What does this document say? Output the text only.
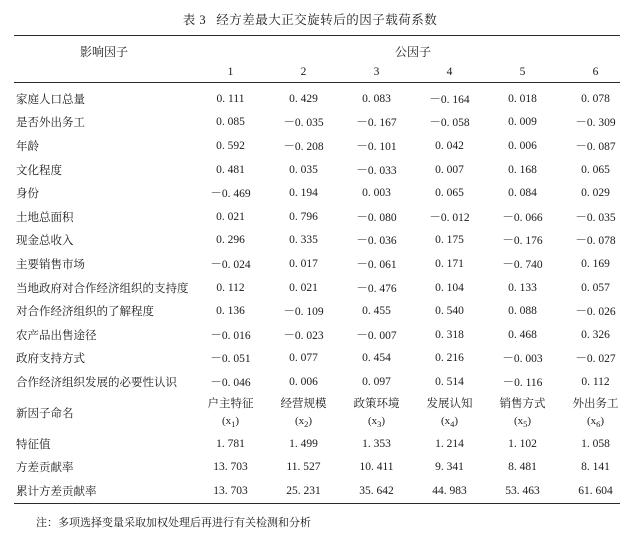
表 3 经方差最大正交旋转后的因子载荷系数

影响因子	公因子					
	1	2	3	4	5	6

家庭人口总量	0. 111	0. 429	0. 083	－0. 164	0. 018	0. 078
是否外出务工	0. 085	－0. 035	－0. 167	－0. 058	0. 009	－0. 309
年龄	0. 592	－0. 208	－0. 101	0. 042	0. 006	－0. 087
文化程度	0. 481	0. 035	－0. 033	0. 007	0. 168	0. 065
身份	－0. 469	0. 194	0. 003	0. 065	0. 084	0. 029
土地总面积	0. 021	0. 796	－0. 080	－0. 012	－0. 066	－0. 035
现金总收入	0. 296	0. 335	－0. 036	0. 175	－0. 176	－0. 078
主要销售市场	－0. 024	0. 017	－0. 061	0. 171	－0. 740	0. 169
当地政府对合作经济组织的支持度	0. 112	0. 021	－0. 476	0. 104	0. 133	0. 057
对合作经济组织的了解程度	0. 136	－0. 109	0. 455	0. 540	0. 088	－0. 026
农产品出售途径	－0. 016	－0. 023	－0. 007	0. 318	0. 468	0. 326
政府支持方式	－0. 051	0. 077	0. 454	0. 216	－0. 003	－0. 027
合作经济组织发展的必要性认识	－0. 046	0. 006	0. 097	0. 514	－0. 116	0. 112
新因子命名	户主特征	经营规模	政策环境	发展认知	销售方式	外出务工
	$(x_1)$	$(x_2)$	$(x_3)$	$(x_4)$	$(x_5)$	$(x_6)$
特征值	1. 781	1. 499	1. 353	1. 214	1. 102	1. 058
方差贡献率	13. 703	11. 527	10. 411	9. 341	8. 481	8. 141
累计方差贡献率	13. 703	25. 231	35. 642	44. 983	53. 463	61. 604

注：多项选择变量采取加权处理后再进行有关检测和分析
